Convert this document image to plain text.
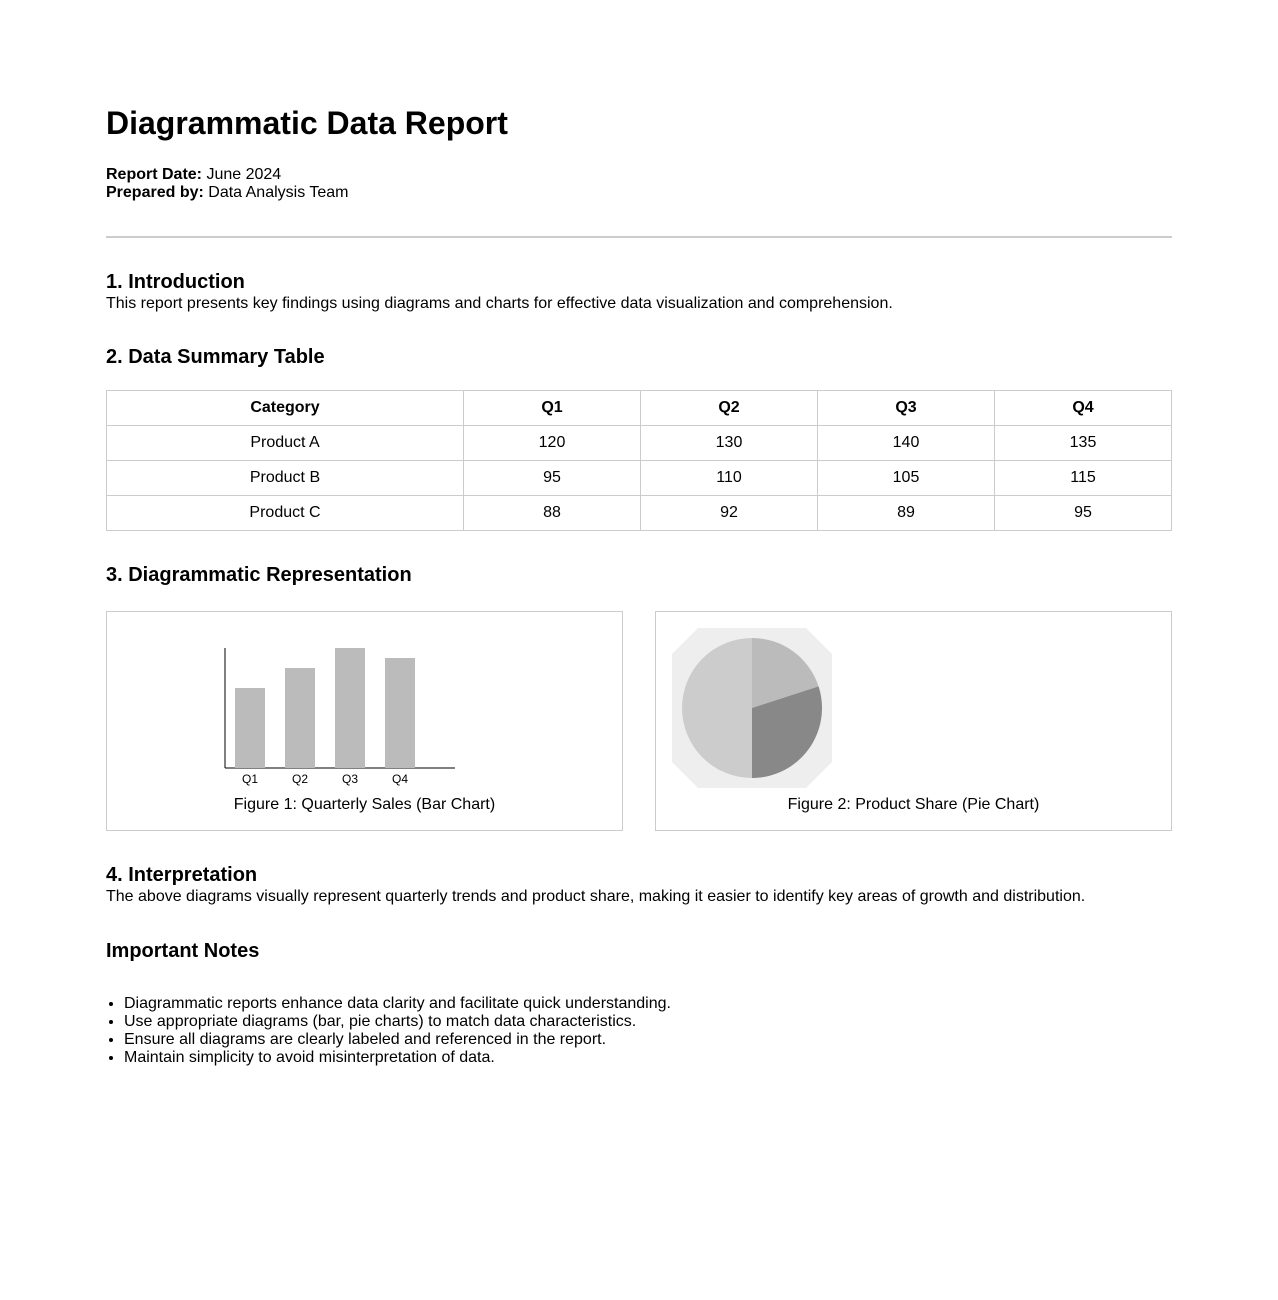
Diagrammatic Data Report
Report Date: June 2024
Prepared by: Data Analysis Team
1. Introduction

This report presents key findings using diagrams and charts for effective data visualization and comprehension.

2. Data Summary Table
Category	Q1	Q2	Q3	Q4
Product A	120	130	140	135
Product B	95	110	105	115
Product C	88	92	89	95
3. Diagrammatic Representation
Q1	Q2	Q3	Q4
Figure 1: Quarterly Sales (Bar Chart)	Figure 2: Product Share (Pie Chart)
4. Interpretation

The above diagrams visually represent quarterly trends and product share, making it easier to identify key areas of growth and distribution.

Important Notes
• Diagrammatic reports enhance data clarity and facilitate quick understanding.
• Use appropriate diagrams (bar, pie charts) to match data characteristics.
• Ensure all diagrams are clearly labeled and referenced in the report.
• Maintain simplicity to avoid misinterpretation of data.
